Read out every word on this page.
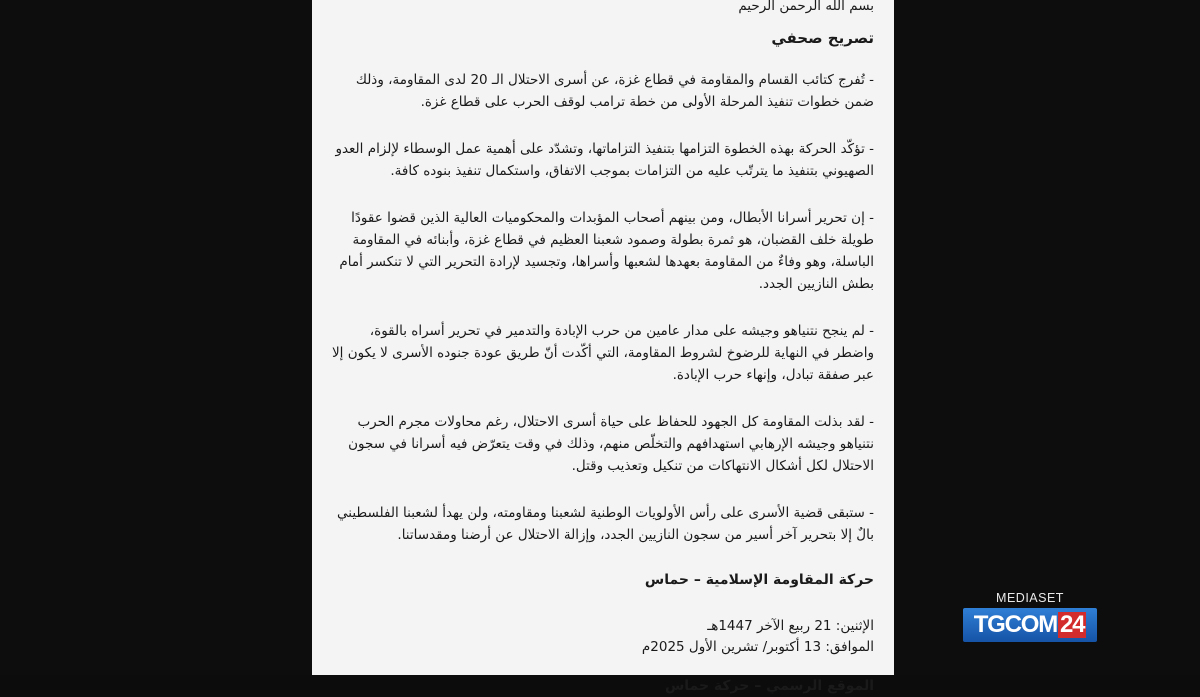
بسم الله الرحمن الرحيم
تصريح صحفي
- تُفرج كتائب القسام والمقاومة في قطاع غزة، عن أسرى الاحتلال الـ 20 لدى المقاومة، وذلك ضمن خطوات تنفيذ المرحلة الأولى من خطة ترامب لوقف الحرب على قطاع غزة.
- تؤكّد الحركة بهذه الخطوة التزامها بتنفيذ التزاماتها، وتشدّد على أهمية عمل الوسطاء لإلزام العدو الصهيوني بتنفيذ ما يترتّب عليه من التزامات بموجب الاتفاق، واستكمال تنفيذ بنوده كافة.
- إن تحرير أسرانا الأبطال، ومن بينهم أصحاب المؤبدات والمحكوميات العالية الذين قضوا عقودًا طويلة خلف القضبان، هو ثمرة بطولة وصمود شعبنا العظيم في قطاع غزة، وأبنائه في المقاومة الباسلة، وهو وفاءٌ من المقاومة بعهدها لشعبها وأسراها، وتجسيد لإرادة التحرير التي لا تنكسر أمام بطش النازيين الجدد.
- لم ينجح نتنياهو وجيشه على مدار عامين من حرب الإبادة والتدمير في تحرير أسراه بالقوة، واضطر في النهاية للرضوخ لشروط المقاومة، التي أكّدت أنّ طريق عودة جنوده الأسرى لا يكون إلا عبر صفقة تبادل، وإنهاء حرب الإبادة.
- لقد بذلت المقاومة كل الجهود للحفاظ على حياة أسرى الاحتلال، رغم محاولات مجرم الحرب نتنياهو وجيشه الإرهابي استهدافهم والتخلّص منهم، وذلك في وقت يتعرّض فيه أسرانا في سجون الاحتلال لكل أشكال الانتهاكات من تنكيل وتعذيب وقتل.
- ستبقى قضية الأسرى على رأس الأولويات الوطنية لشعبنا ومقاومته، ولن يهدأ لشعبنا الفلسطيني بالٌ إلا بتحرير آخر أسير من سجون النازيين الجدد، وإزالة الاحتلال عن أرضنا ومقدساتنا.
حركة المقاومة الإسلامية – حماس
الإثنين: 21 ربيع الآخر 1447هـ
الموافق: 13 أكتوبر/ تشرين الأول 2025م
الموقع الرسمي – حركة حماس
MEDIASET
TGCOM 24
